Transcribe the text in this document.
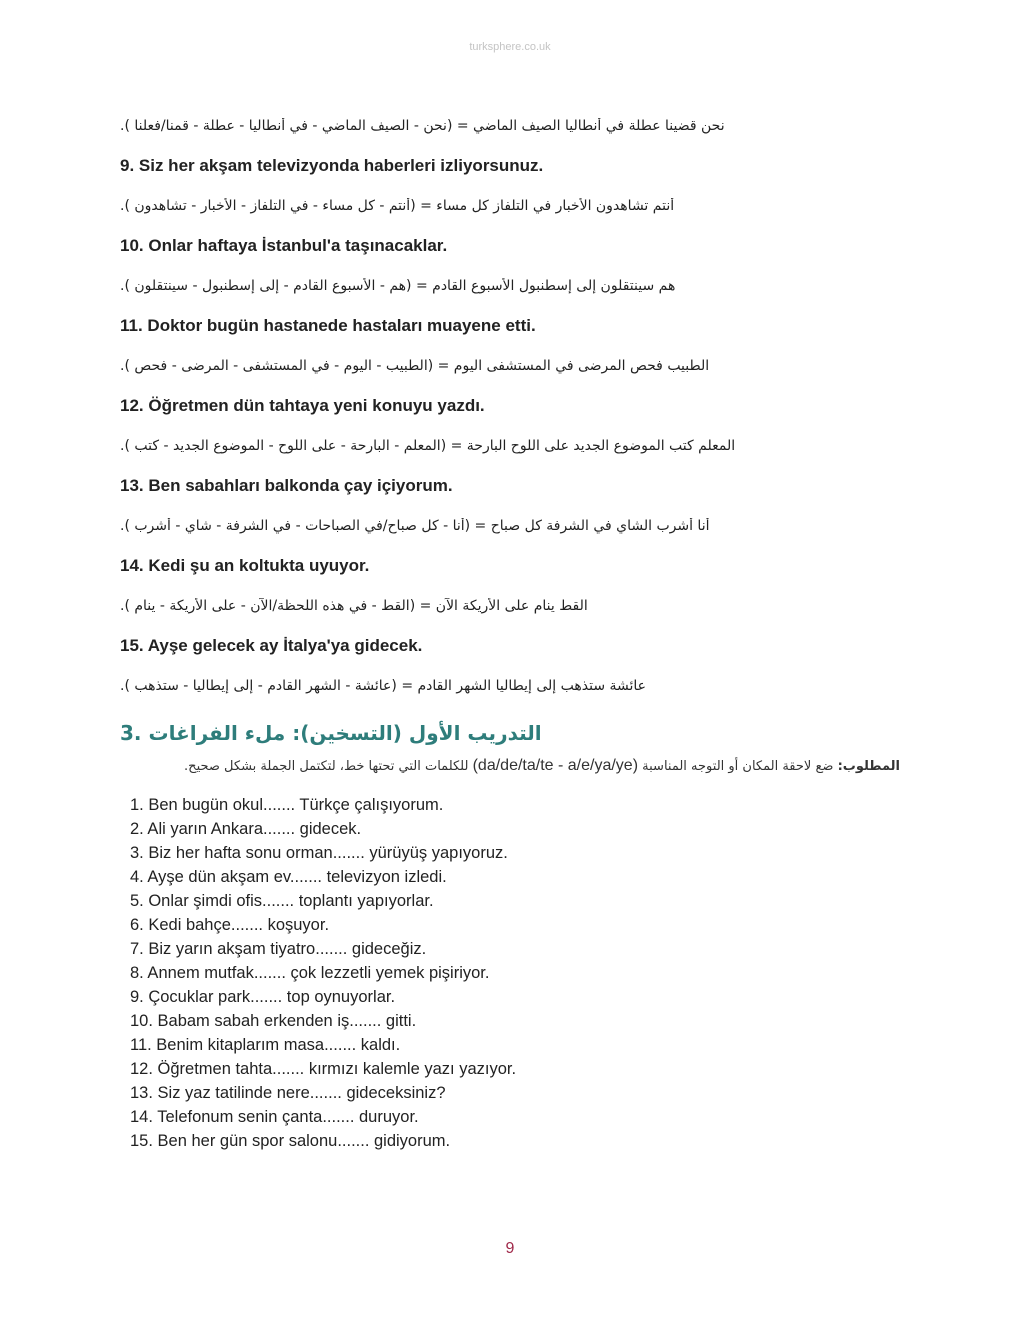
turksphere.co.uk
نحن قضينا عطلة في أنطاليا الصيف الماضي = (نحن - الصيف الماضي - في أنطاليا - عطلة - قمنا/فعلنا ).
9. Siz her akşam televizyonda haberleri izliyorsunuz.
أنتم تشاهدون الأخبار في التلفاز كل مساء = (أنتم - كل مساء - في التلفاز - الأخبار - تشاهدون ).
10. Onlar haftaya İstanbul'a taşınacaklar.
هم سينتقلون إلى إسطنبول الأسبوع القادم = (هم - الأسبوع القادم - إلى إسطنبول - سينتقلون ).
11. Doktor bugün hastanede hastaları muayene etti.
الطبيب فحص المرضى في المستشفى اليوم = (الطبيب - اليوم - في المستشفى - المرضى - فحص ).
12. Öğretmen dün tahtaya yeni konuyu yazdı.
المعلم كتب الموضوع الجديد على اللوح البارحة = (المعلم - البارحة - على اللوح - الموضوع الجديد - كتب ).
13. Ben sabahları balkonda çay içiyorum.
أنا أشرب الشاي في الشرفة كل صباح = (أنا - كل صباح/في الصباحات - في الشرفة - شاي - أشرب ).
14. Kedi şu an koltukta uyuyor.
القط ينام على الأريكة الآن = (القط - في هذه اللحظة/الآن - على الأريكة - ينام ).
15. Ayşe gelecek ay İtalya'ya gidecek.
عائشة ستذهب إلى إيطاليا الشهر القادم = (عائشة - الشهر القادم - إلى إيطاليا - ستذهب ).
التدريب الأول (التسخين): ملء الفراغات .3
المطلوب: ضع لاحقة المكان أو التوجه المناسبة (da/de/ta/te - a/e/ya/ye) للكلمات التي تحتها خط، لتكتمل الجملة بشكل صحيح.
1. Ben bugün okul....... Türkçe çalışıyorum.
2. Ali yarın Ankara....... gidecek.
3. Biz her hafta sonu orman....... yürüyüş yapıyoruz.
4. Ayşe dün akşam ev....... televizyon izledi.
5. Onlar şimdi ofis....... toplantı yapıyorlar.
6. Kedi bahçe....... koşuyor.
7. Biz yarın akşam tiyatro....... gideceğiz.
8. Annem mutfak....... çok lezzetli yemek pişiriyor.
9. Çocuklar park....... top oynuyorlar.
10. Babam sabah erkenden iş....... gitti.
11. Benim kitaplarım masa....... kaldı.
12. Öğretmen tahta....... kırmızı kalemle yazı yazıyor.
13. Siz yaz tatilinde nere....... gideceksiniz?
14. Telefonum senin çanta....... duruyor.
15. Ben her gün spor salonu....... gidiyorum.
9
